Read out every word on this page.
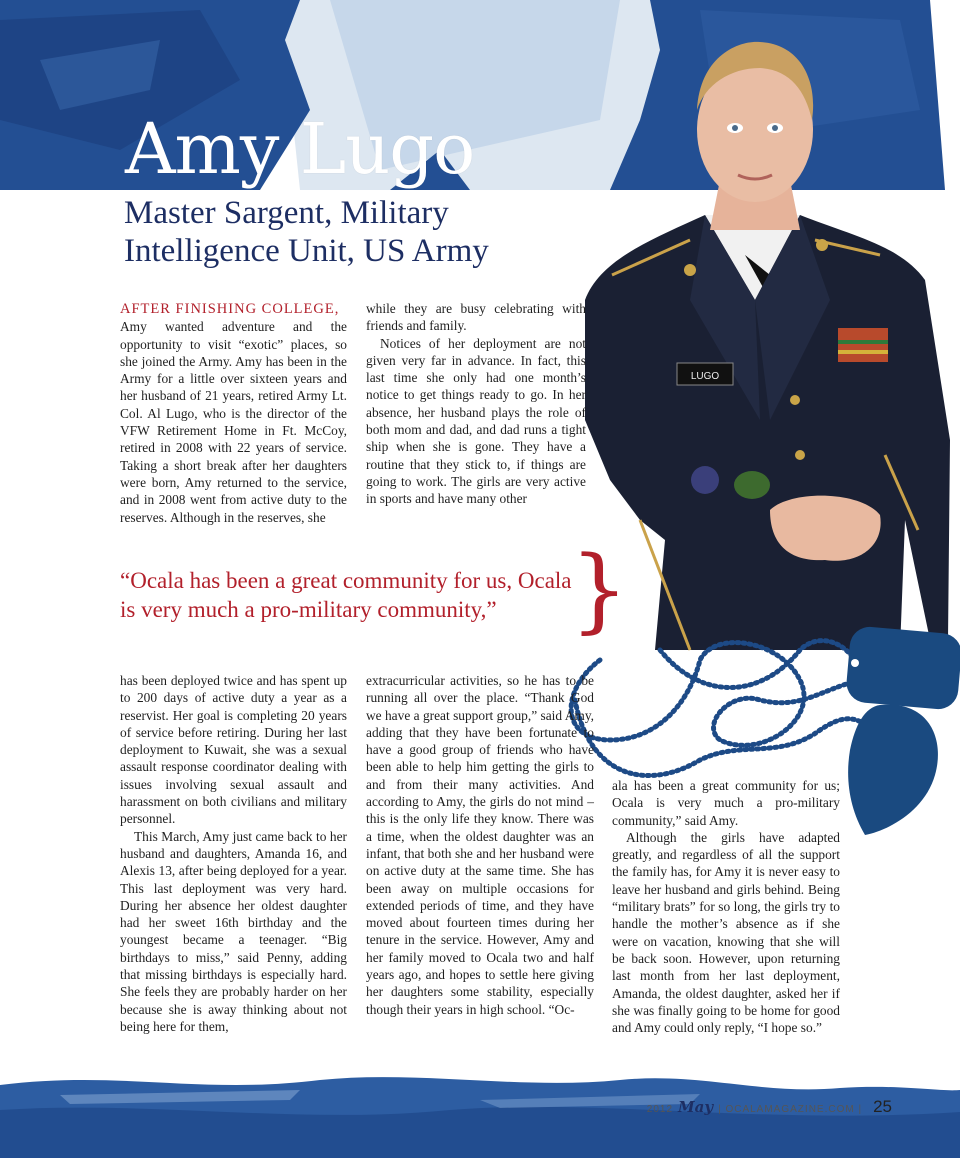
LUGO
Amy Lugo
Master Sargent, Military Intelligence Unit, US Army

AFTER FINISHING COLLEGE,
Amy wanted adventure and the opportunity to visit “exotic” places, so she joined the Army. Amy has been in the Army for a little over sixteen years and her husband of 21 years, retired Army Lt. Col. Al Lugo, who is the director of the VFW Retirement Home in Ft. McCoy, retired in 2008 with 22 years of service. Taking a short break after her daughters were born, Amy returned to the service, and in 2008 went from active duty to the reserves. Although in the reserves, she

while they are busy celebrating with friends and family.

Notices of her deployment are not given very far in advance. In fact, this last time she only had one month’s notice to get things ready to go. In her absence, her husband plays the role of both mom and dad, and dad runs a tight ship when she is gone. They have a routine that they stick to, if things are going to work. The girls are very active in sports and have many other

“Ocala has been a great community for us, Ocala is very much a pro-military community,” }

has been deployed twice and has spent up to 200 days of active duty a year as a reservist. Her goal is completing 20 years of service before retiring. During her last deployment to Kuwait, she was a sexual assault response coordinator dealing with issues involving sexual assault and harassment on both civilians and military personnel.

This March, Amy just came back to her husband and daughters, Amanda 16, and Alexis 13, after being deployed for a year. This last deployment was very hard. During her absence her oldest daughter had her sweet 16th birthday and the youngest became a teenager. “Big birthdays to miss,” said Penny, adding that missing birthdays is especially hard. She feels they are probably harder on her because she is away thinking about not being here for them,

extracurricular activities, so he has to be running all over the place. “Thank God we have a great support group,” said Amy, adding that they have been fortunate to have a good group of friends who have been able to help him getting the girls to and from their many activities. And according to Amy, the girls do not mind – this is the only life they know. There was a time, when the oldest daughter was an infant, that both she and her husband were on active duty at the same time. She has been away on multiple occasions for extended periods of time, and they have moved about fourteen times during her tenure in the service. However, Amy and her family moved to Ocala two and half years ago, and hopes to settle here giving her daughters some stability, especially though their years in high school. “Oc-

ala has been a great community for us; Ocala is very much a pro-military community,” said Amy.

Although the girls have adapted greatly, and regardless of all the support the family has, for Amy it is never easy to leave her husband and girls behind. Being “military brats” for so long, the girls try to handle the mother’s absence as if she were on vacation, knowing that she will be back soon. However, upon returning last month from her last deployment, Amanda, the oldest daughter, asked her if she was finally going to be home for good and Amy could only reply, “I hope so.”

2012 May | OCALAMAGAZINE.COM | 25
